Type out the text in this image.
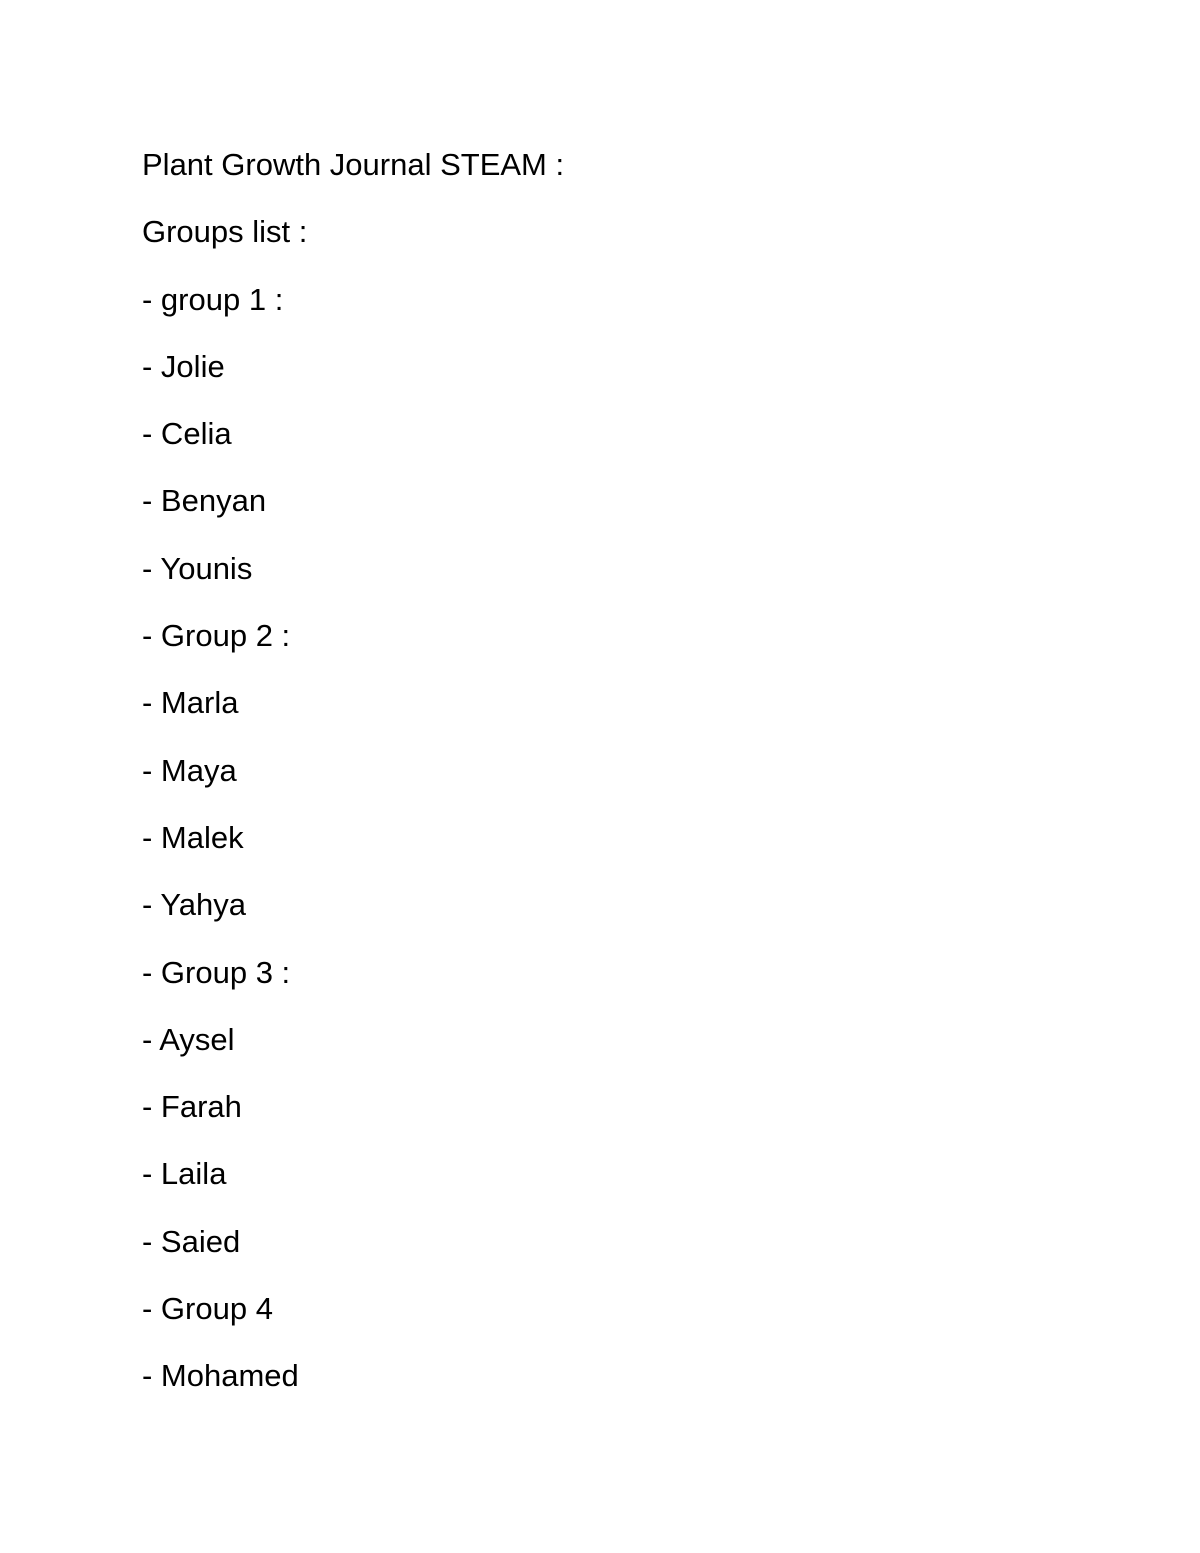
Plant Growth Journal STEAM :

Groups list :

- group 1 :

- Jolie

- Celia

- Benyan

- Younis

- Group 2 :

- Marla

- Maya

- Malek

- Yahya

- Group 3 :

- Aysel

- Farah

- Laila

- Saied

- Group 4

- Mohamed
